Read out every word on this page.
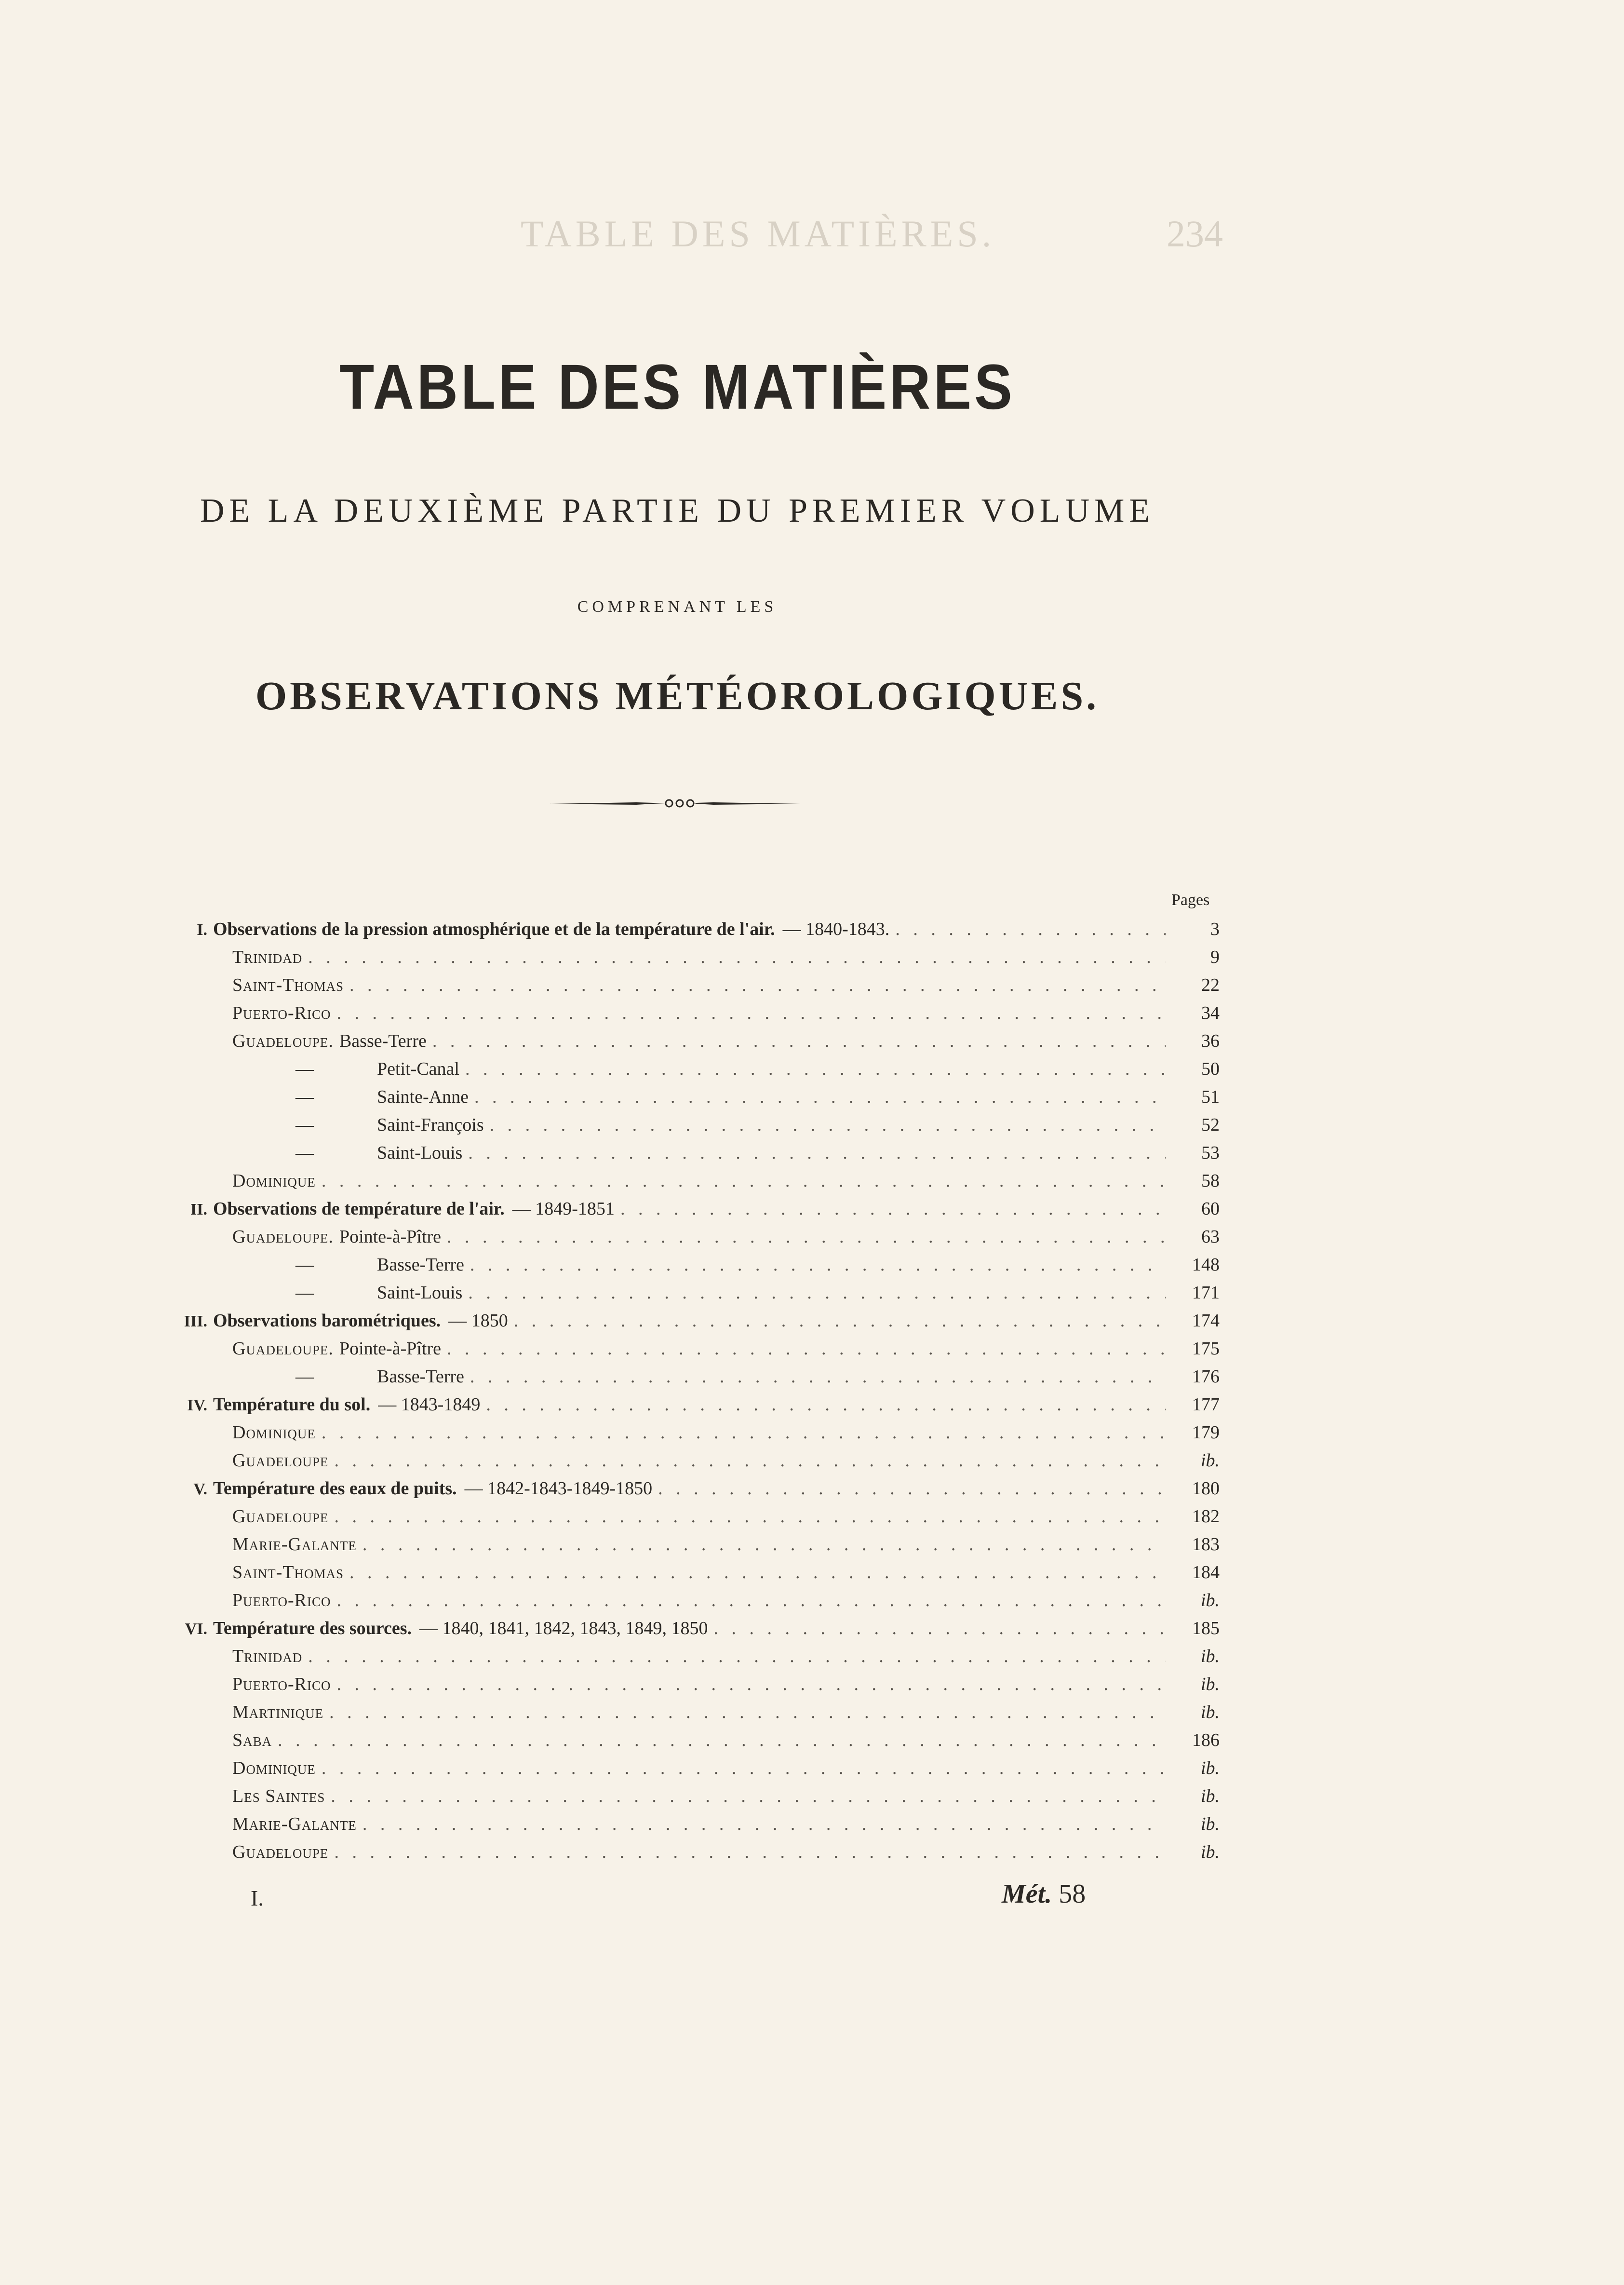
TABLE DES MATIÈRES.	234
TABLE DES MATIÈRES
DE LA DEUXIÈME PARTIE DU PREMIER VOLUME
COMPRENANT LES
OBSERVATIONS MÉTÉOROLOGIQUES.
Pages
I. Observations de la pression atmosphérique et de la température de l'air. — 1840-1843. . . .	3
Trinidad . . .	9
Saint-Thomas . . .	22
Puerto-Rico . . .	34
Guadeloupe. Basse-Terre . . .	36
—	Petit-Canal . . .	50
—	Sainte-Anne . . .	51
—	Saint-François . . .	52
—	Saint-Louis . . .	53
Dominique . . .	58
II. Observations de température de l'air. — 1849-1851 . . .	60
Guadeloupe. Pointe-à-Pître . . .	63
—	Basse-Terre . . .	148
—	Saint-Louis . . .	171
III. Observations barométriques. — 1850 . . .	174
Guadeloupe. Pointe-à-Pître . . .	175
—	Basse-Terre . . .	176
IV. Température du sol. — 1843-1849 . . .	177
Dominique . . .	179
Guadeloupe . . .	ib.
V. Température des eaux de puits. — 1842-1843-1849-1850 . . .	180
Guadeloupe . . .	182
Marie-Galante . . .	183
Saint-Thomas . . .	184
Puerto-Rico . . .	ib.
VI. Température des sources. — 1840, 1841, 1842, 1843, 1849, 1850 . . .	185
Trinidad . . .	ib.
Puerto-Rico . . .	ib.
Martinique . . .	ib.
Saba . . .	186
Dominique . . .	ib.
Les Saintes . . .	ib.
Marie-Galante . . .	ib.
Guadeloupe . . .	ib.
I.	Mét. 58
